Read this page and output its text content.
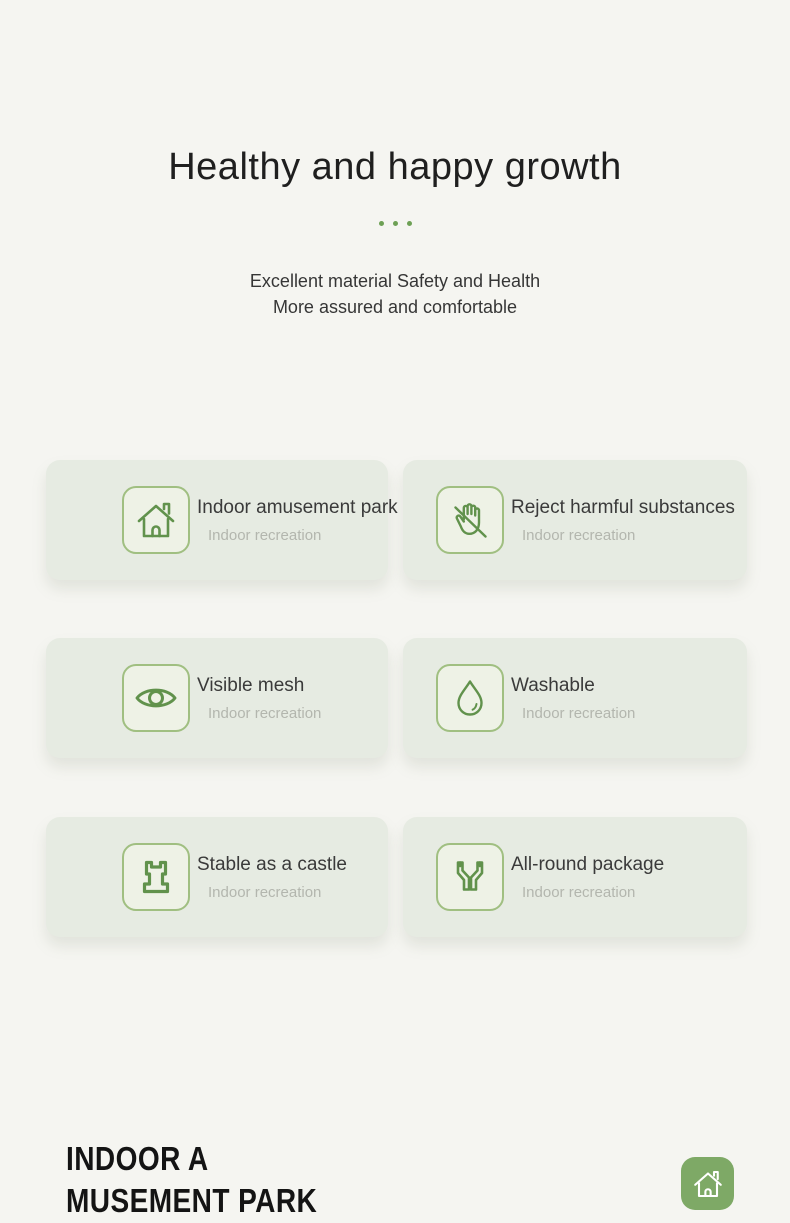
Healthy and happy growth
Excellent material Safety and Health
More assured and comfortable
Indoor amusement park
Indoor recreation
Reject harmful substances
Indoor recreation
Visible mesh
Indoor recreation
Washable
Indoor recreation
Stable as a castle
Indoor recreation
All-round package
Indoor recreation
INDOOR A
MUSEMENT PARK
